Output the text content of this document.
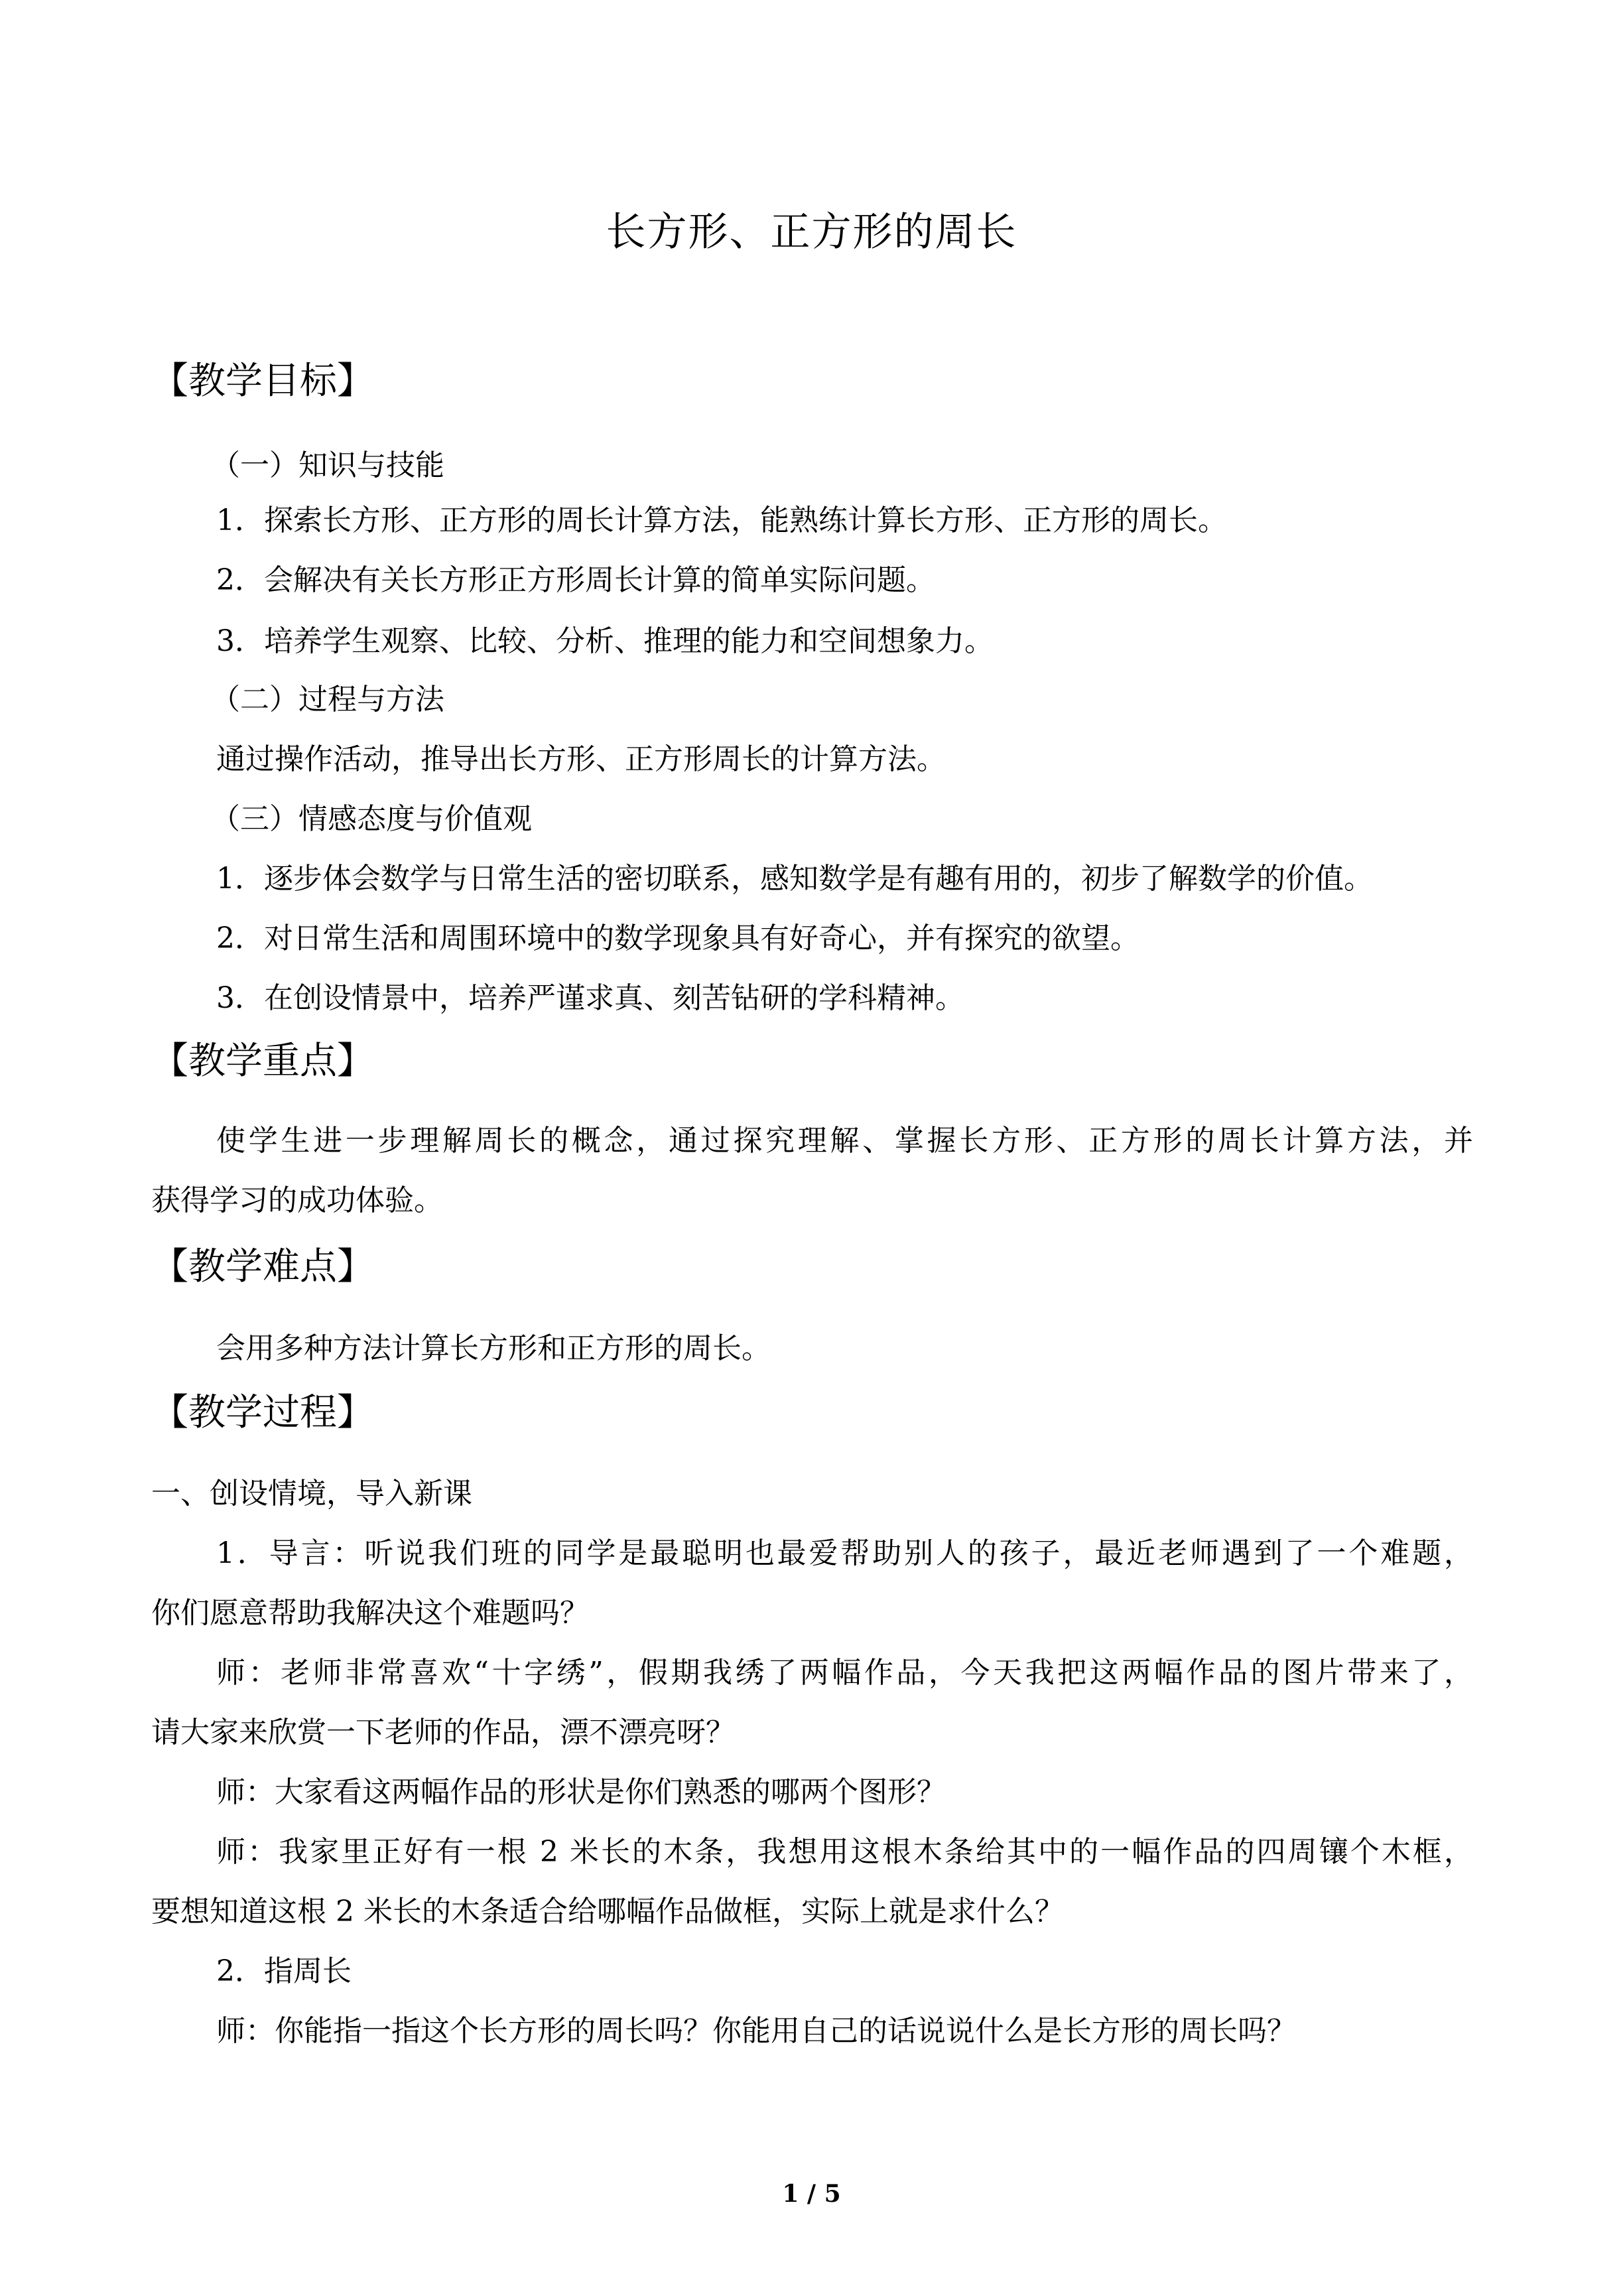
长方形、正方形的周长
【教学目标】
（一）知识与技能
1．探索长方形、正方形的周长计算方法，能熟练计算长方形、正方形的周长。
2．会解决有关长方形正方形周长计算的简单实际问题。
3．培养学生观察、比较、分析、推理的能力和空间想象力。
（二）过程与方法
通过操作活动，推导出长方形、正方形周长的计算方法。
（三）情感态度与价值观
1．逐步体会数学与日常生活的密切联系，感知数学是有趣有用的，初步了解数学的价值。
2．对日常生活和周围环境中的数学现象具有好奇心，并有探究的欲望。
3．在创设情景中，培养严谨求真、刻苦钻研的学科精神。
【教学重点】
使学生进一步理解周长的概念，通过探究理解、掌握长方形、正方形的周长计算方法，并
获得学习的成功体验。
【教学难点】
会用多种方法计算长方形和正方形的周长。
【教学过程】
一、创设情境，导入新课
1．导言：听说我们班的同学是最聪明也最爱帮助别人的孩子，最近老师遇到了一个难题，
你们愿意帮助我解决这个难题吗？
师：老师非常喜欢“十字绣”，假期我绣了两幅作品，今天我把这两幅作品的图片带来了，
请大家来欣赏一下老师的作品，漂不漂亮呀？
师：大家看这两幅作品的形状是你们熟悉的哪两个图形？
师：我家里正好有一根 2 米长的木条，我想用这根木条给其中的一幅作品的四周镶个木框，
要想知道这根 2 米长的木条适合给哪幅作品做框，实际上就是求什么？
2．指周长
师：你能指一指这个长方形的周长吗？你能用自己的话说说什么是长方形的周长吗？
1 / 5
